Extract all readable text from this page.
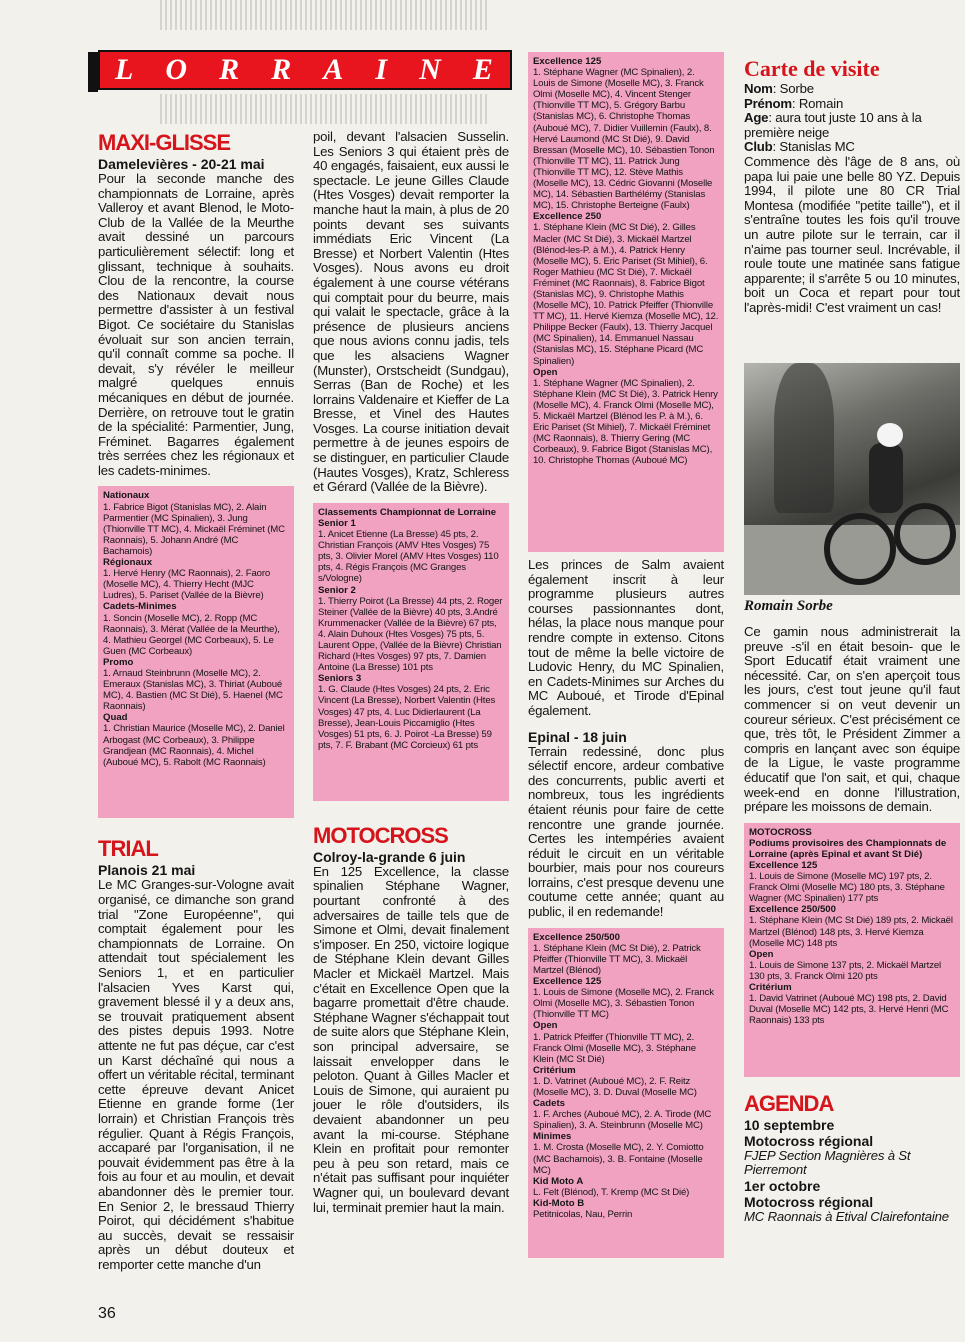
L O R R A I N E
MAXI-GLISSE

Damelevières - 20-21 mai

Pour la seconde manche des championnats de Lorraine, après Valleroy et avant Blenod, le Moto-Club de la Vallée de la Meurthe avait dessiné un parcours particulièrement sélectif: long et glissant, technique à souhaits. Clou de la rencontre, la course des Nationaux devait nous permettre d'assister à un festival Bigot. Ce sociétaire du Stanislas évoluait sur son ancien terrain, qu'il connaît comme sa poche. Il devait, s'y révéler le meilleur malgré quelques ennuis mécaniques en début de journée. Derrière, on retrouve tout le gratin de la spécialité: Parmentier, Jung, Fréminet. Bagarres également très serrées chez les régionaux et les cadets-minimes.

Nationaux

1. Fabrice Bigot (Stanislas MC), 2. Alain Parmentier (MC Spinalien), 3. Jung (Thionville TT MC), 4. Mickaël Fréminet (MC Raonnais), 5. Johann André (MC Bachamois)

Régionaux

1. Hervé Henry (MC Raonnais), 2. Faoro (Moselle MC), 4. Thierry Hecht (MJC Ludres), 5. Pariset (Vallée de la Bièvre)

Cadets-Minimes

1. Soncin (Moselle MC), 2. Ropp (MC Raonnais), 3. Mérat (Vallée de la Meurthe), 4. Mathieu Georgel (MC Corbeaux), 5. Le Guen (MC Corbeaux)

Promo

1. Arnaud Steinbrunn (Moselle MC), 2. Emeraux (Stanislas MC), 3. Thiriat (Auboué MC), 4. Bastien (MC St Dié), 5. Haenel (MC Raonnais)

Quad

1. Christian Maurice (Moselle MC), 2. Daniel Arbogast (MC Corbeaux), 3. Philippe Grandjean (MC Raonnais), 4. Michel (Auboué MC), 5. Rabolt (MC Raonnais)

TRIAL

Planois 21 mai

Le MC Granges-sur-Vologne avait organisé, ce dimanche son grand trial "Zone Européenne", qui comptait également pour les championnats de Lorraine. On attendait tout spécialement les Seniors 1, et en particulier l'alsacien Yves Karst qui, gravement blessé il y a deux ans, se trouvait pratiquement absent des pistes depuis 1993. Notre attente ne fut pas déçue, car c'est un Karst déchaîné qui nous a offert un véritable récital, terminant cette épreuve devant Anicet Etienne en grande forme (1er lorrain) et Christian François très régulier. Quant à Régis François, accaparé par l'organisation, il ne pouvait évidemment pas être à la fois au four et au moulin, et devait abandonner dès le premier tour. En Senior 2, le bressaud Thierry Poirot, qui décidément s'habitue au succès, devait se ressaisir après un début douteux et remporter cette manche d'un

poil, devant l'alsacien Susselin. Les Seniors 3 qui étaient près de 40 engagés, faisaient, eux aussi le spectacle. Le jeune Gilles Claude (Htes Vosges) devait remporter la manche haut la main, à plus de 20 points devant ses suivants immédiats Eric Vincent (La Bresse) et Norbert Valentin (Htes Vosges). Nous avons eu droit également à une course vétérans qui comptait pour du beurre, mais qui valait le spectacle, grâce à la présence de plusieurs anciens que nous avions connu jadis, tels que les alsaciens Wagner (Munster), Orstscheidt (Sundgau), Serras (Ban de Roche) et les lorrains Valdenaire et Kieffer de La Bresse, et Vinel des Hautes Vosges. La course initiation devait permettre à de jeunes espoirs de se distinguer, en particulier Claude (Hautes Vosges), Kratz, Schleress et Gérard (Vallée de la Bièvre).

Classements Championnat de Lorraine

Senior 1

1. Anicet Etienne (La Bresse) 45 pts, 2. Christian François (AMV Htes Vosges) 75 pts, 3. Olivier Morel (AMV Htes Vosges) 110 pts, 4. Régis François (MC Granges s/Vologne)

Senior 2

1. Thierry Poirot (La Bresse) 44 pts, 2. Roger Steiner (Vallée de la Bièvre) 40 pts, 3.André Krummenacker (Vallée de la Bièvre) 67 pts, 4. Alain Duhoux (Htes Vosges) 75 pts, 5. Laurent Oppe, (Vallée de la Bièvre) Christian Richard (Htes Vosges) 97 pts, 7. Damien Antoine (La Bresse) 101 pts

Seniors 3

1. G. Claude (Htes Vosges) 24 pts, 2. Eric Vincent (La Bresse), Norbert Valentin (Htes Vosges) 47 pts, 4. Luc Didierlaurent (La Bresse), Jean-Louis Piccamiglio (Htes Vosges) 51 pts, 6. J. Poirot -La Bresse) 59 pts, 7. F. Brabant (MC Corcieux) 61 pts

MOTOCROSS

Colroy-la-grande 6 juin

En 125 Excellence, la classe spinalien Stéphane Wagner, pourtant confronté à des adversaires de taille tels que de Simone et Olmi, devait finalement s'imposer. En 250, victoire logique de Stéphane Klein devant Gilles Macler et Mickaël Martzel. Mais c'était en Excellence Open que la bagarre promettait d'être chaude. Stéphane Wagner s'échappait tout de suite alors que Stéphane Klein, son principal adversaire, se laissait envelopper dans le peloton. Quant à Gilles Macler et Louis de Simone, qui auraient pu jouer le rôle d'outsiders, ils devaient abandonner un peu avant la mi-course. Stéphane Klein en profitait pour remonter peu à peu son retard, mais ce n'était pas suffisant pour inquiéter Wagner qui, un boulevard devant lui, terminait premier haut la main.

Excellence 125

1. Stéphane Wagner (MC Spinalien), 2. Louis de Simone (Moselle MC), 3. Franck Olmi (Moselle MC), 4. Vincent Stenger (Thionville TT MC), 5. Grégory Barbu (Stanislas MC), 6. Christophe Thomas (Auboué MC), 7. Didier Vuillemin (Faulx), 8. Hervé Laumond (MC St Dié), 9. David Bressan (Moselle MC), 10. Sébastien Tonon (Thionville TT MC), 11. Patrick Jung (Thionville TT MC), 12. Stève Mathis (Moselle MC), 13. Cédric Giovanni (Moselle MC), 14. Sébastien Barthélémy (Stanislas MC), 15. Christophe Berteigne (Faulx)

Excellence 250

1. Stéphane Klein (MC St Dié), 2. Gilles Macler (MC St Dié), 3. Mickaël Martzel (Blénod-les-P. à M.), 4. Patrick Henry (Moselle MC), 5. Eric Pariset (St Mihiel), 6. Roger Mathieu (MC St Dié), 7. Mickaël Fréminet (MC Raonnais), 8. Fabrice Bigot (Stanislas MC), 9. Christophe Mathis (Moselle MC), 10. Patrick Pfeiffer (Thionville TT MC), 11. Hervé Kiemza (Moselle MC), 12. Philippe Becker (Faulx), 13. Thierry Jacquel (MC Spinalien), 14. Emmanuel Nassau (Stanislas MC), 15. Stéphane Picard (MC Spinalien)

Open

1. Stéphane Wagner (MC Spinalien), 2. Stéphane Klein (MC St Dié), 3. Patrick Henry (Moselle MC), 4. Franck Olmi (Moselle MC), 5. Mickaël Martzel (Blénod les P. à M.), 6. Eric Pariset (St Mihiel), 7. Mickaël Fréminet (MC Raonnais), 8. Thierry Gering (MC Corbeaux), 9. Fabrice Bigot (Stanislas MC), 10. Christophe Thomas (Auboué MC)

Les princes de Salm avaient également inscrit à leur programme plusieurs autres courses passionnantes dont, hélas, la place nous manque pour rendre compte in extenso. Citons tout de même la belle victoire de Ludovic Henry, du MC Spinalien, en Cadets-Minimes sur Arches du MC Auboué, et Tirode d'Epinal également.

Epinal - 18 juin

Terrain redessiné, donc plus sélectif encore, ardeur combative des concurrents, public averti et nombreux, tous les ingrédients étaient réunis pour faire de cette rencontre une grande journée. Certes les intempéries avaient réduit le circuit en un véritable bourbier, mais pour nos coureurs lorrains, c'est presque devenu une coutume cette année; quant au public, il en redemande!

Excellence 250/500

1. Stéphane Klein (MC St Dié), 2. Patrick Pfeiffer (Thionville TT MC), 3. Mickaël Martzel (Blénod)

Excellence 125

1. Louis de Simone (Moselle MC), 2. Franck Olmi (Moselle MC), 3. Sébastien Tonon (Thionville TT MC)

Open

1. Patrick Pfeiffer (Thionville TT MC), 2. Franck Olmi (Moselle MC), 3. Stéphane Klein (MC St Dié)

Critérium

1. D. Vatrinet (Auboué MC), 2. F. Reitz (Moselle MC), 3. D. Duval (Moselle MC)

Cadets

1. F. Arches (Auboué MC), 2. A. Tirode (MC Spinalien), 3. A. Steinbrunn (Moselle MC)

Minimes

1. M. Crosta (Moselle MC), 2. Y. Comiotto (MC Bachamois), 3. B. Fontaine (Moselle MC)

Kid Moto A

L. Felt (Blénod), T. Kremp (MC St Dié)

Kid-Moto B

Petitnicolas, Nau, Perrin

Carte de visite

Nom: Sorbe

Prénom: Romain

Age: aura tout juste 10 ans à la première neige

Club: Stanislas MC

Commence dès l'âge de 8 ans, où papa lui paie une belle 80 YZ. Depuis 1994, il pilote une 80 CR Trial Montesa (modifiée "petite taille"), et il s'entraîne toutes les fois qu'il trouve un autre pilote sur le terrain, car il n'aime pas tourner seul. Incrévable, il roule toute une matinée sans fatigue apparente; il s'arrête 5 ou 10 minutes, boit un Coca et repart pour tout l'après-midi! C'est vraiment un cas!

Romain Sorbe

Ce gamin nous administrerait la preuve -s'il en était besoin- que le Sport Educatif était vraiment une nécessité. Car, on s'en aperçoit tous les jours, c'est tout jeune qu'il faut commencer si on veut devenir un coureur sérieux. C'est précisément ce que, très tôt, le Président Zimmer a compris en lançant avec son équipe de la Ligue, le vaste programme éducatif que l'on sait, et qui, chaque week-end en donne l'illustration, prépare les moissons de demain.

MOTOCROSS

Podiums provisoires des Championnats de Lorraine (après Epinal et avant St Dié)

Excellence 125

1. Louis de Simone (Moselle MC) 197 pts, 2. Franck Olmi (Moselle MC) 180 pts, 3. Stéphane Wagner (MC Spinalien) 177 pts

Excellence 250/500

1. Stéphane Klein (MC St Dié) 189 pts, 2. Mickaël Martzel (Blénod) 148 pts, 3. Hervé Kiemza (Moselle MC) 148 pts

Open

1. Louis de Simone 137 pts, 2. Mickaël Martzel 130 pts, 3. Franck Olmi 120 pts

Critérium

1. David Vatrinet (Auboué MC) 198 pts, 2. David Duval (Moselle MC) 142 pts, 3. Hervé Henri (MC Raonnais) 133 pts

AGENDA

10 septembre

Motocross régional

FJEP Section Magnières à St Pierremont

1er octobre

Motocross régional

MC Raonnais à Etival Clairefontaine

36
